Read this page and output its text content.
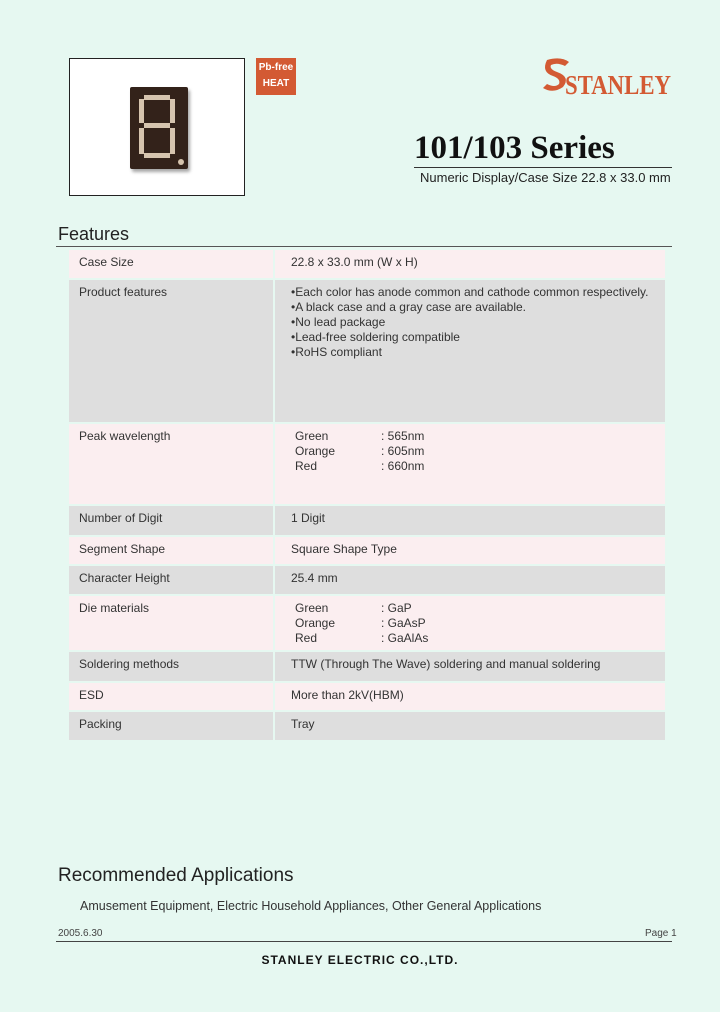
Pb-free
HEAT	STANLEY
101/103 Series
Numeric Display/Case Size 22.8 x 33.0 mm
Features
Case Size	22.8 x 33.0 mm (W x H)
Product features	•Each color has anode common and cathode common respectively.
•A black case and a gray case are available.
•No lead package
•Lead-free soldering compatible
•RoHS compliant
Peak wavelength	Green	: 565nm
Orange	: 605nm
Red	: 660nm
Number of Digit	1 Digit
Segment Shape	Square Shape Type
Character Height	25.4 mm
Die materials	Green	: GaP
Orange	: GaAsP
Red	: GaAlAs
Soldering methods	TTW (Through The Wave) soldering and manual soldering
ESD	More than 2kV(HBM)
Packing	Tray
Recommended Applications
Amusement Equipment, Electric Household Appliances, Other General Applications
2005.6.30	Page 1
STANLEY ELECTRIC CO.,LTD.
